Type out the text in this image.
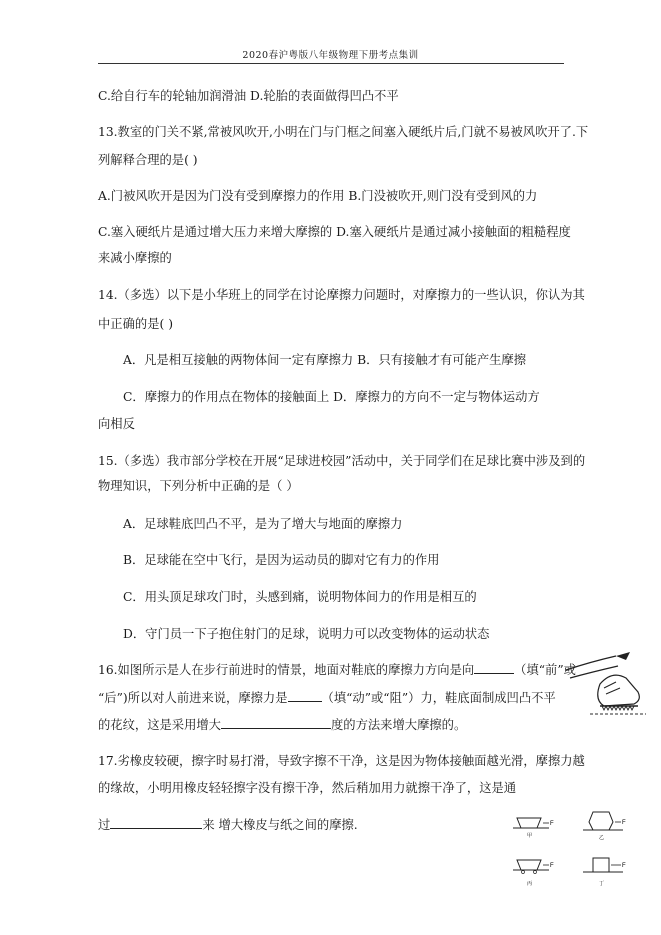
2020春沪粤版八年级物理下册考点集训
C.给自行车的轮轴加润滑油 D.轮胎的表面做得凹凸不平
13.教室的门关不紧,常被风吹开,小明在门与门框之间塞入硬纸片后,门就不易被风吹开了.下
列解释合理的是( )
A.门被风吹开是因为门没有受到摩擦力的作用 B.门没被吹开,则门没有受到风的力
C.塞入硬纸片是通过增大压力来增大摩擦的 D.塞入硬纸片是通过减小接触面的粗糙程度
来减小摩擦的
14.（多选）以下是小华班上的同学在讨论摩擦力问题时，对摩擦力的一些认识，你认为其
中正确的是( )
A．凡是相互接触的两物体间一定有摩擦力 B．只有接触才有可能产生摩擦
C．摩擦力的作用点在物体的接触面上 D．摩擦力的方向不一定与物体运动方
向相反
15.（多选）我市部分学校在开展“足球进校园”活动中，关于同学们在足球比赛中涉及到的
物理知识，下列分析中正确的是（ ）
A．足球鞋底凹凸不平，是为了增大与地面的摩擦力
B．足球能在空中飞行，是因为运动员的脚对它有力的作用
C．用头顶足球攻门时，头感到痛，说明物体间力的作用是相互的
D．守门员一下子抱住射门的足球，说明力可以改变物体的运动状态
16.如图所示是人在步行前进时的情景，地面对鞋底的摩擦力方向是向	（填“前”或
“后”)所以对人前进来说，摩擦力是	（填“动”或“阻”）力，鞋底面制成凹凸不平
的花纹，这是采用增大	度的方法来增大摩擦的。
17.劣橡皮较硬，擦字时易打滑，导致字擦不干净，这是因为物体接触面越光滑，摩擦力越
的缘故，小明用橡皮轻轻擦字没有擦干净，然后稍加用力就擦干净了，这是通
过	来 增大橡皮与纸之间的摩擦.	F
甲
F
乙
F
丙
F
丁
